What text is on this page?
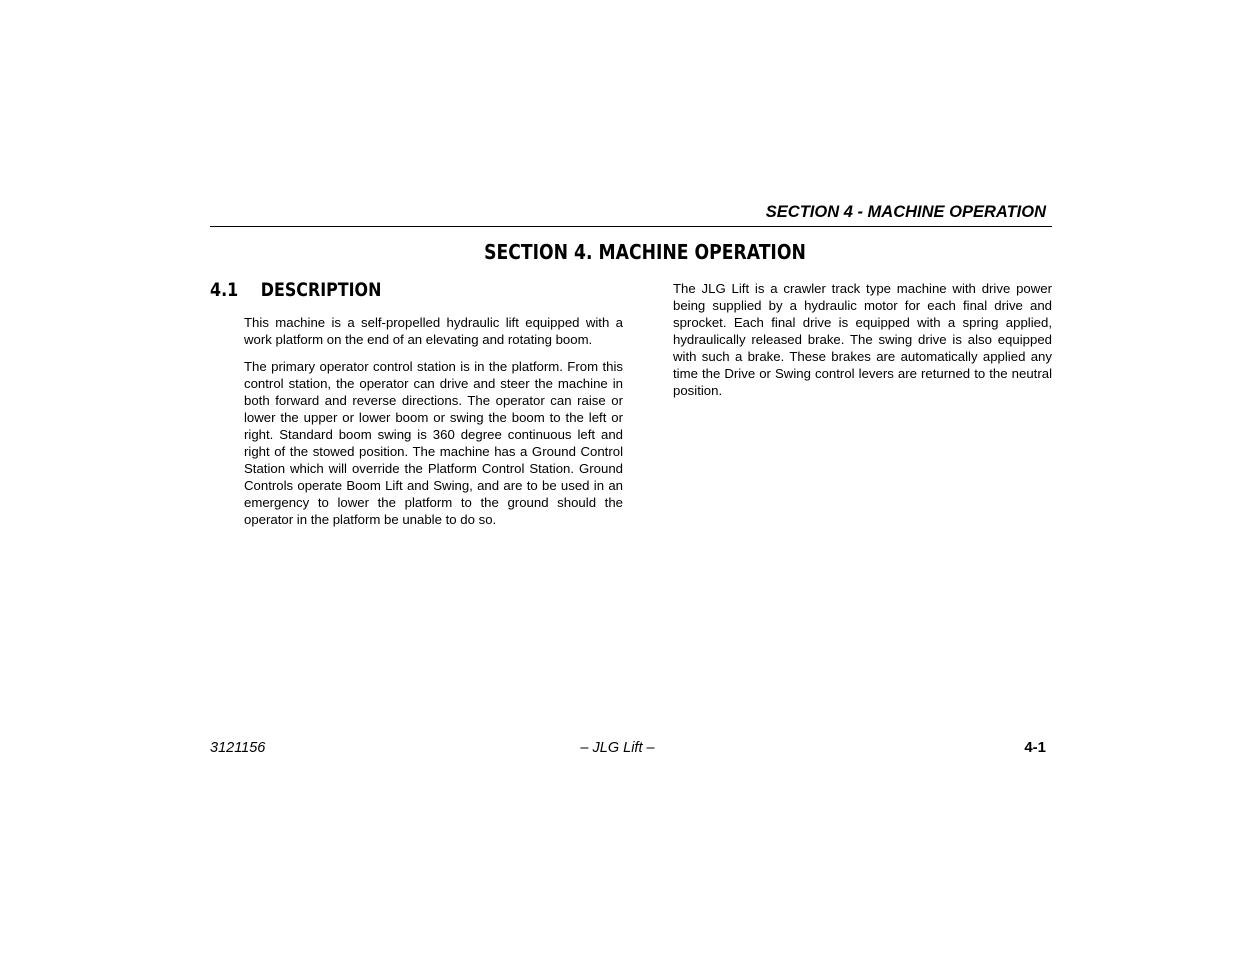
SECTION 4 - MACHINE OPERATION
SECTION 4. MACHINE OPERATION
4.1 DESCRIPTION

This machine is a self-propelled hydraulic lift equipped with a work platform on the end of an elevating and rotating boom.

The primary operator control station is in the platform. From this control station, the operator can drive and steer the machine in both forward and reverse directions. The operator can raise or lower the upper or lower boom or swing the boom to the left or right. Standard boom swing is 360 degree continuous left and right of the stowed position. The machine has a Ground Control Station which will override the Platform Control Station. Ground Controls operate Boom Lift and Swing, and are to be used in an emergency to lower the platform to the ground should the operator in the platform be unable to do so.

The JLG Lift is a crawler track type machine with drive power being supplied by a hydraulic motor for each final drive and sprocket. Each final drive is equipped with a spring applied, hydraulically released brake. The swing drive is also equipped with such a brake. These brakes are automatically applied any time the Drive or Swing control levers are returned to the neutral position.

3121156	– JLG Lift –	4-1
